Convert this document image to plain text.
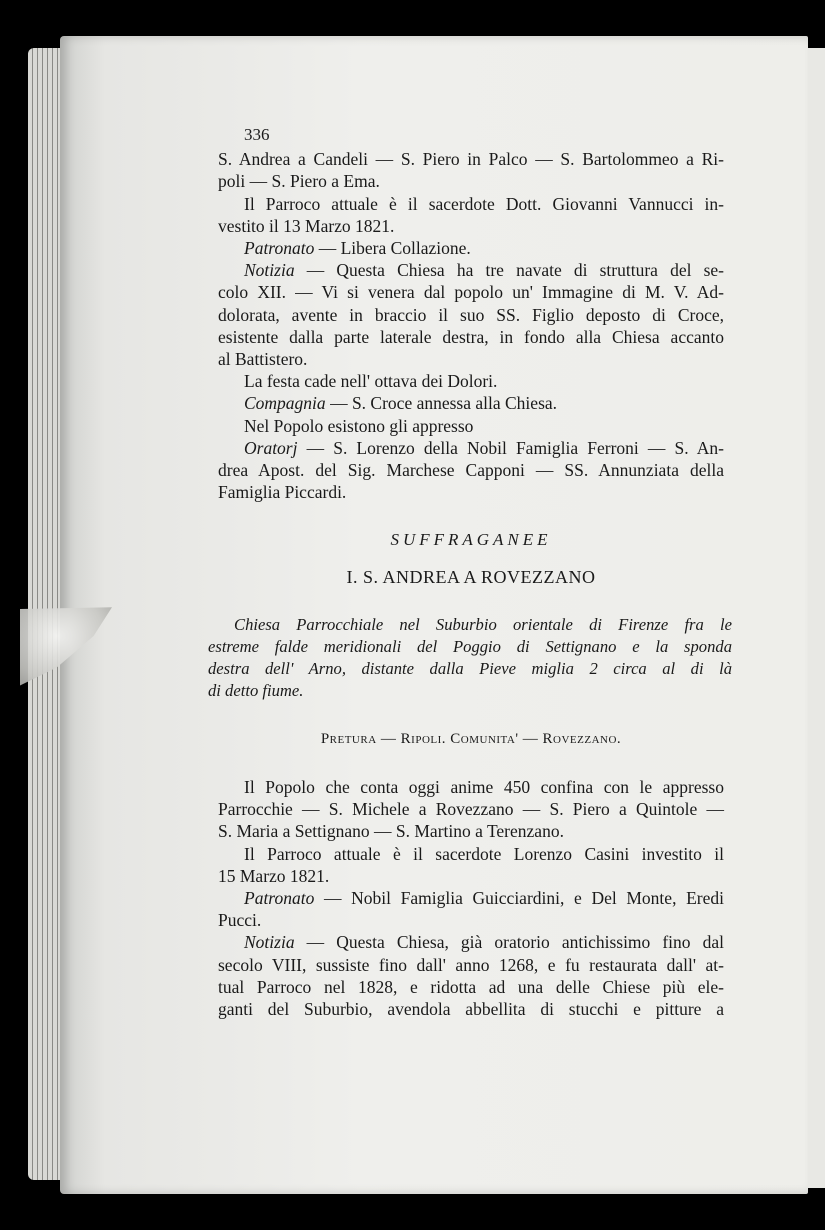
336
S. Andrea a Candeli — S. Piero in Palco — S. Bartolommeo a Ri-
poli — S. Piero a Ema.
Il Parroco attuale è il sacerdote Dott. Giovanni Vannucci in-
vestito il 13 Marzo 1821.
Patronato — Libera Collazione.
Notizia — Questa Chiesa ha tre navate di struttura del se-
colo XII. — Vi si venera dal popolo un' Immagine di M. V. Ad-
dolorata, avente in braccio il suo SS. Figlio deposto di Croce,
esistente dalla parte laterale destra, in fondo alla Chiesa accanto
al Battistero.
La festa cade nell' ottava dei Dolori.
Compagnia — S. Croce annessa alla Chiesa.
Nel Popolo esistono gli appresso
Oratorj — S. Lorenzo della Nobil Famiglia Ferroni — S. An-
drea Apost. del Sig. Marchese Capponi — SS. Annunziata della
Famiglia Piccardi.
SUFFRAGANEE
I. S. ANDREA A ROVEZZANO
Chiesa Parrocchiale nel Suburbio orientale di Firenze fra le
estreme falde meridionali del Poggio di Settignano e la sponda
destra dell' Arno, distante dalla Pieve miglia 2 circa al di là
di detto fiume.
Pretura — Ripoli. Comunita' — Rovezzano.
Il Popolo che conta oggi anime 450 confina con le appresso
Parrocchie — S. Michele a Rovezzano — S. Piero a Quintole —
S. Maria a Settignano — S. Martino a Terenzano.
Il Parroco attuale è il sacerdote Lorenzo Casini investito il
15 Marzo 1821.
Patronato — Nobil Famiglia Guicciardini, e Del Monte, Eredi
Pucci.
Notizia — Questa Chiesa, già oratorio antichissimo fino dal
secolo VIII, sussiste fino dall' anno 1268, e fu restaurata dall' at-
tual Parroco nel 1828, e ridotta ad una delle Chiese più ele-
ganti del Suburbio, avendola abbellita di stucchi e pitture a
